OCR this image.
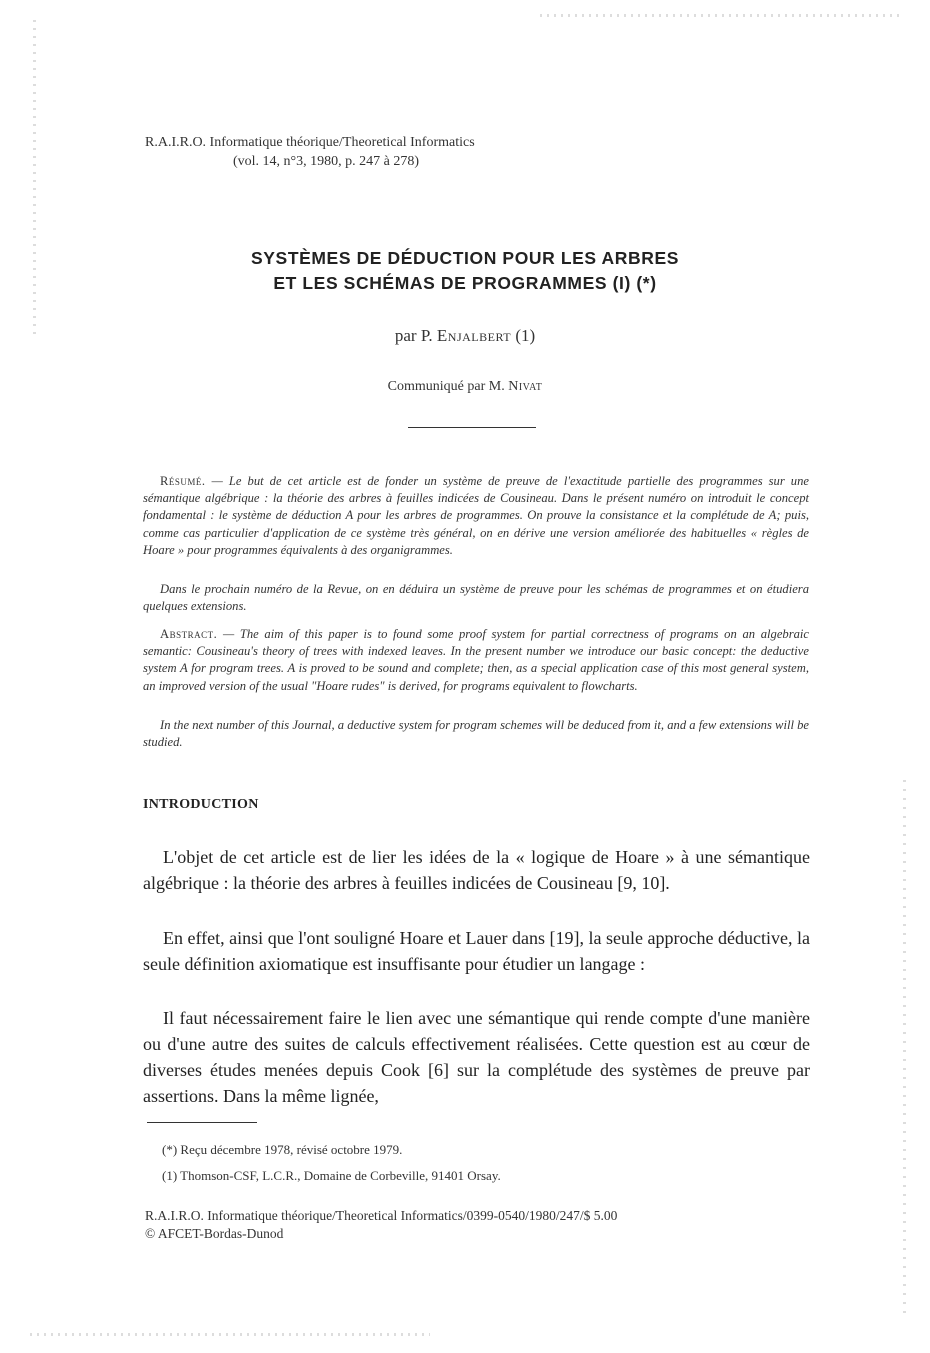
R.A.I.R.O. Informatique théorique/Theoretical Informatics
(vol. 14, n°3, 1980, p. 247 à 278)
SYSTÈMES DE DÉDUCTION POUR LES ARBRES
ET LES SCHÉMAS DE PROGRAMMES (I) (*)
par P. Enjalbert (1)
Communiqué par M. Nivat

Résumé. — Le but de cet article est de fonder un système de preuve de l'exactitude partielle des programmes sur une sémantique algébrique : la théorie des arbres à feuilles indicées de Cousineau. Dans le présent numéro on introduit le concept fondamental : le système de déduction A pour les arbres de programmes. On prouve la consistance et la complétude de A; puis, comme cas particulier d'application de ce système très général, on en dérive une version améliorée des habituelles « règles de Hoare » pour programmes équivalents à des organigrammes.

Dans le prochain numéro de la Revue, on en déduira un système de preuve pour les schémas de programmes et on étudiera quelques extensions.

Abstract. — The aim of this paper is to found some proof system for partial correctness of programs on an algebraic semantic: Cousineau's theory of trees with indexed leaves. In the present number we introduce our basic concept: the deductive system A for program trees. A is proved to be sound and complete; then, as a special application case of this most general system, an improved version of the usual "Hoare rudes" is derived, for programs equivalent to flowcharts.

In the next number of this Journal, a deductive system for program schemes will be deduced from it, and a few extensions will be studied.

INTRODUCTION

L'objet de cet article est de lier les idées de la « logique de Hoare » à une sémantique algébrique : la théorie des arbres à feuilles indicées de Cousineau [9, 10].

En effet, ainsi que l'ont souligné Hoare et Lauer dans [19], la seule approche déductive, la seule définition axiomatique est insuffisante pour étudier un langage :

Il faut nécessairement faire le lien avec une sémantique qui rende compte d'une manière ou d'une autre des suites de calculs effectivement réalisées. Cette question est au cœur de diverses études menées depuis Cook [6] sur la complétude des systèmes de preuve par assertions. Dans la même lignée,

(*) Reçu décembre 1978, révisé octobre 1979.
(1) Thomson-CSF, L.C.R., Domaine de Corbeville, 91401 Orsay.
R.A.I.R.O. Informatique théorique/Theoretical Informatics/0399-0540/1980/247/$ 5.00
© AFCET-Bordas-Dunod
